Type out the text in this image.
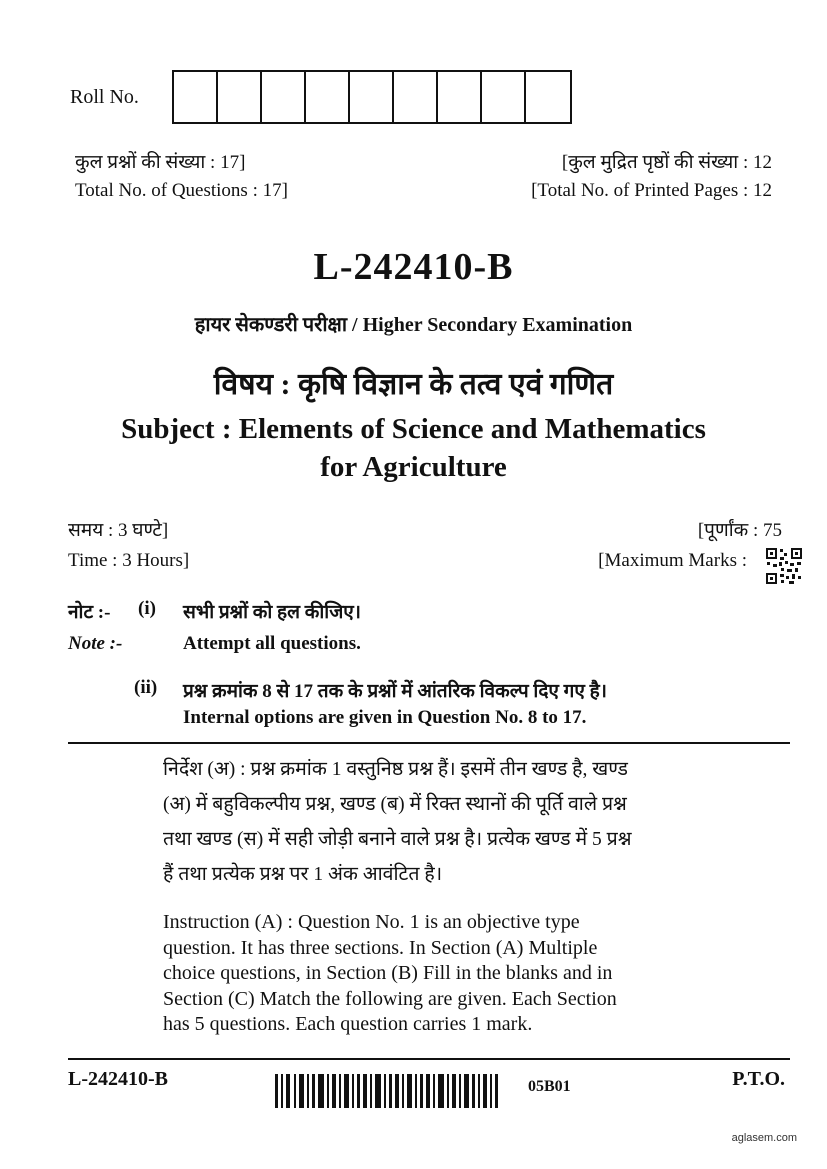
Roll No.
कुल प्रश्नों की संख्या : 17]
Total No. of Questions : 17]
[कुल मुद्रित पृष्ठों की संख्या : 12
[Total No. of Printed Pages : 12
L-242410-B
हायर सेकण्डरी परीक्षा / Higher Secondary Examination
विषय : कृषि विज्ञान के तत्व एवं गणित
Subject : Elements of Science and Mathematics
for Agriculture
समय : 3 घण्टे]
Time : 3 Hours]
[पूर्णांक : 75
[Maximum Marks :
नोट :- (i) सभी प्रश्नों को हल कीजिए।
Note :-	Attempt all questions.
(ii) प्रश्न क्रमांक 8 से 17 तक के प्रश्नों में आंतरिक विकल्प दिए गए है।
Internal options are given in Question No. 8 to 17.
निर्देश (अ) : प्रश्न क्रमांक 1 वस्तुनिष्ठ प्रश्न हैं। इसमें तीन खण्ड है, खण्ड
(अ) में बहुविकल्पीय प्रश्न, खण्ड (ब) में रिक्त स्थानों की पूर्ति वाले प्रश्न
तथा खण्ड (स) में सही जोड़ी बनाने वाले प्रश्न है। प्रत्येक खण्ड में 5 प्रश्न
हैं तथा प्रत्येक प्रश्न पर 1 अंक आवंटित है।
Instruction (A) : Question No. 1 is an objective type
question. It has three sections. In Section (A) Multiple
choice questions, in Section (B) Fill in the blanks and in
Section (C) Match the following are given. Each Section
has 5 questions. Each question carries 1 mark.
L-242410-B	05B01	P.T.O.
aglasem.com
